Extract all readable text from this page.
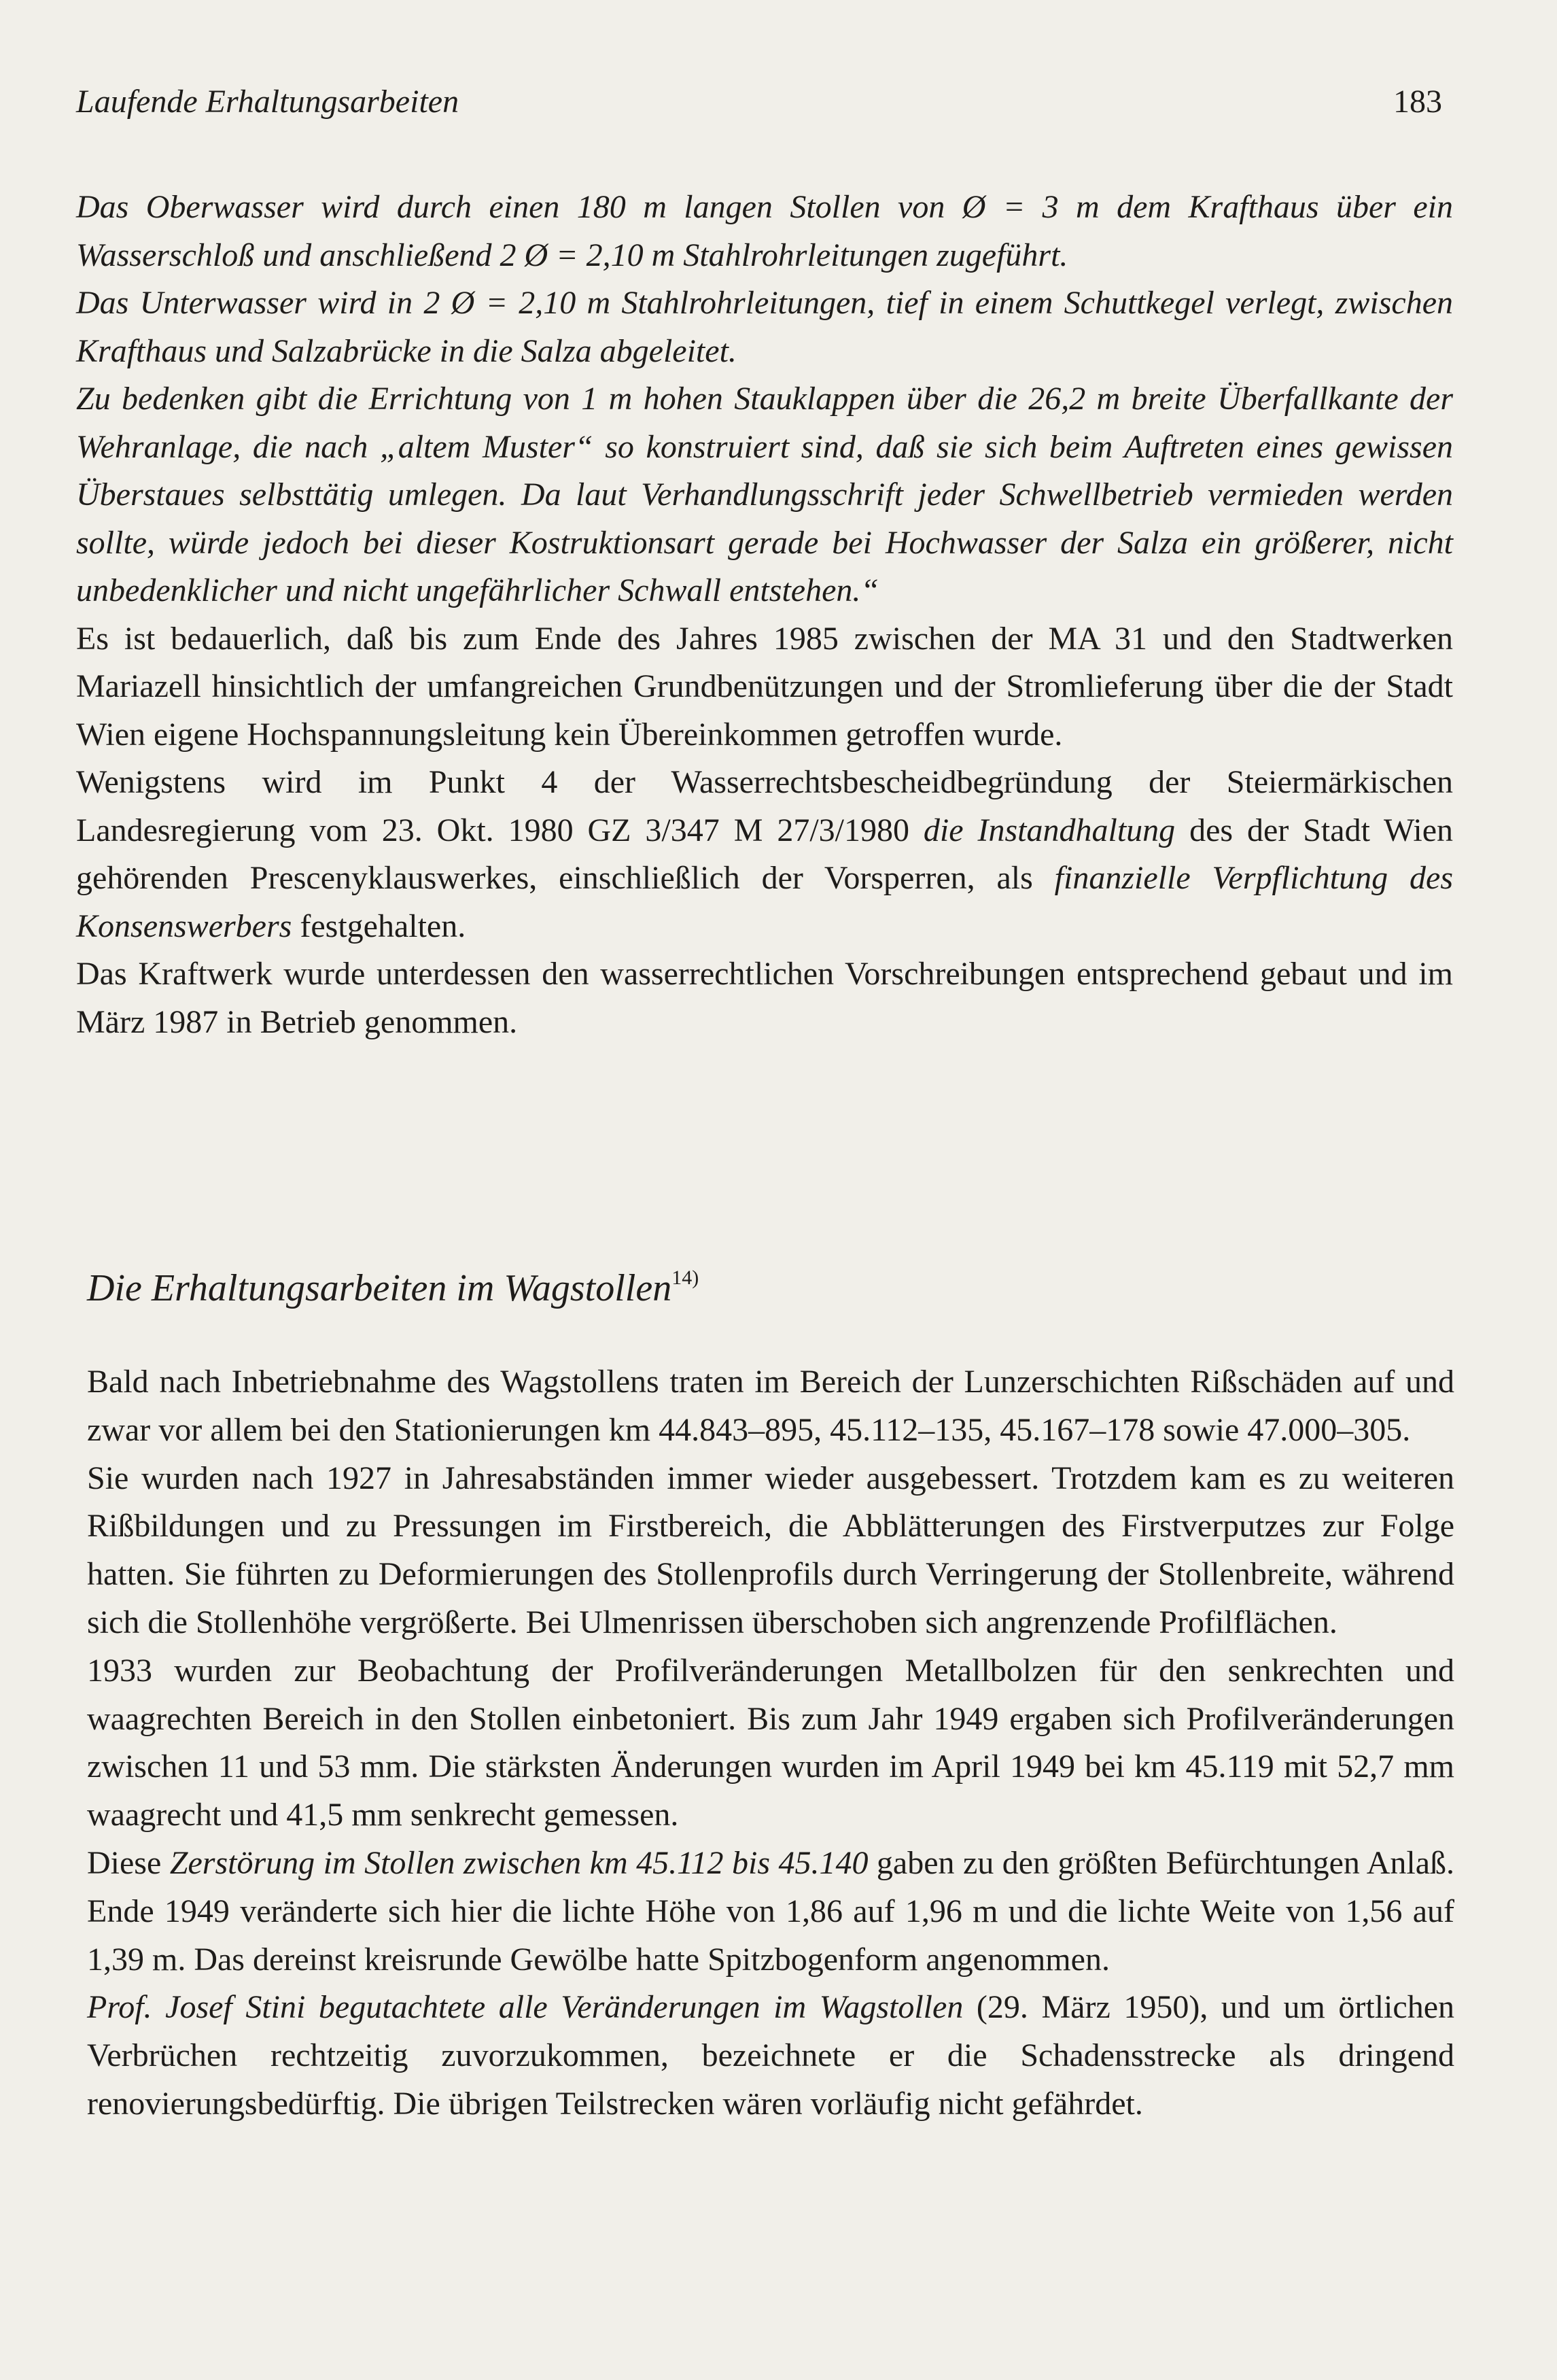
Laufende Erhaltungsarbeiten	183

Das Oberwasser wird durch einen 180 m langen Stollen von Ø = 3 m dem Krafthaus über ein Wasserschloß und anschließend 2 Ø = 2,10 m Stahlrohrleitungen zugeführt.

Das Unterwasser wird in 2 Ø = 2,10 m Stahlrohrleitungen, tief in einem Schuttkegel verlegt, zwischen Krafthaus und Salzabrücke in die Salza abgeleitet.

Zu bedenken gibt die Errichtung von 1 m hohen Stauklappen über die 26,2 m breite Überfallkante der Wehranlage, die nach „altem Muster“ so konstruiert sind, daß sie sich beim Auftreten eines gewissen Überstaues selbsttätig umlegen. Da laut Verhandlungsschrift jeder Schwellbetrieb vermieden werden sollte, würde jedoch bei dieser Kostruktionsart gerade bei Hochwasser der Salza ein größerer, nicht unbedenklicher und nicht ungefährlicher Schwall entstehen.“

Es ist bedauerlich, daß bis zum Ende des Jahres 1985 zwischen der MA 31 und den Stadtwerken Mariazell hinsichtlich der umfangreichen Grundbenützungen und der Stromlieferung über die der Stadt Wien eigene Hochspannungsleitung kein Übereinkommen getroffen wurde.

Wenigstens wird im Punkt 4 der Wasserrechtsbescheidbegründung der Steiermärkischen Landesregierung vom 23. Okt. 1980 GZ 3/347 M 27/3/1980 die Instandhaltung des der Stadt Wien gehörenden Prescenyklauswerkes, einschließlich der Vorsperren, als finanzielle Verpflichtung des Konsenswerbers festgehalten.

Das Kraftwerk wurde unterdessen den wasserrechtlichen Vorschreibungen entsprechend gebaut und im März 1987 in Betrieb genommen.

Die Erhaltungsarbeiten im Wagstollen$^{14)}$

Bald nach Inbetriebnahme des Wagstollens traten im Bereich der Lunzerschichten Rißschäden auf und zwar vor allem bei den Stationierungen km 44.843–895, 45.112–135, 45.167–178 sowie 47.000–305.

Sie wurden nach 1927 in Jahresabständen immer wieder ausgebessert. Trotzdem kam es zu weiteren Rißbildungen und zu Pressungen im Firstbereich, die Abblätterungen des Firstverputzes zur Folge hatten. Sie führten zu Deformierungen des Stollenprofils durch Verringerung der Stollenbreite, während sich die Stollenhöhe vergrößerte. Bei Ulmenrissen überschoben sich angrenzende Profilflächen.

1933 wurden zur Beobachtung der Profilveränderungen Metallbolzen für den senkrechten und waagrechten Bereich in den Stollen einbetoniert. Bis zum Jahr 1949 ergaben sich Profilveränderungen zwischen 11 und 53 mm. Die stärksten Änderungen wurden im April 1949 bei km 45.119 mit 52,7 mm waagrecht und 41,5 mm senkrecht gemessen.

Diese Zerstörung im Stollen zwischen km 45.112 bis 45.140 gaben zu den größten Befürchtungen Anlaß. Ende 1949 veränderte sich hier die lichte Höhe von 1,86 auf 1,96 m und die lichte Weite von 1,56 auf 1,39 m. Das dereinst kreisrunde Gewölbe hatte Spitzbogenform angenommen.

Prof. Josef Stini begutachtete alle Veränderungen im Wagstollen (29. März 1950), und um örtlichen Verbrüchen rechtzeitig zuvorzukommen, bezeichnete er die Schadensstrecke als dringend renovierungsbedürftig. Die übrigen Teilstrecken wären vorläufig nicht gefährdet.
